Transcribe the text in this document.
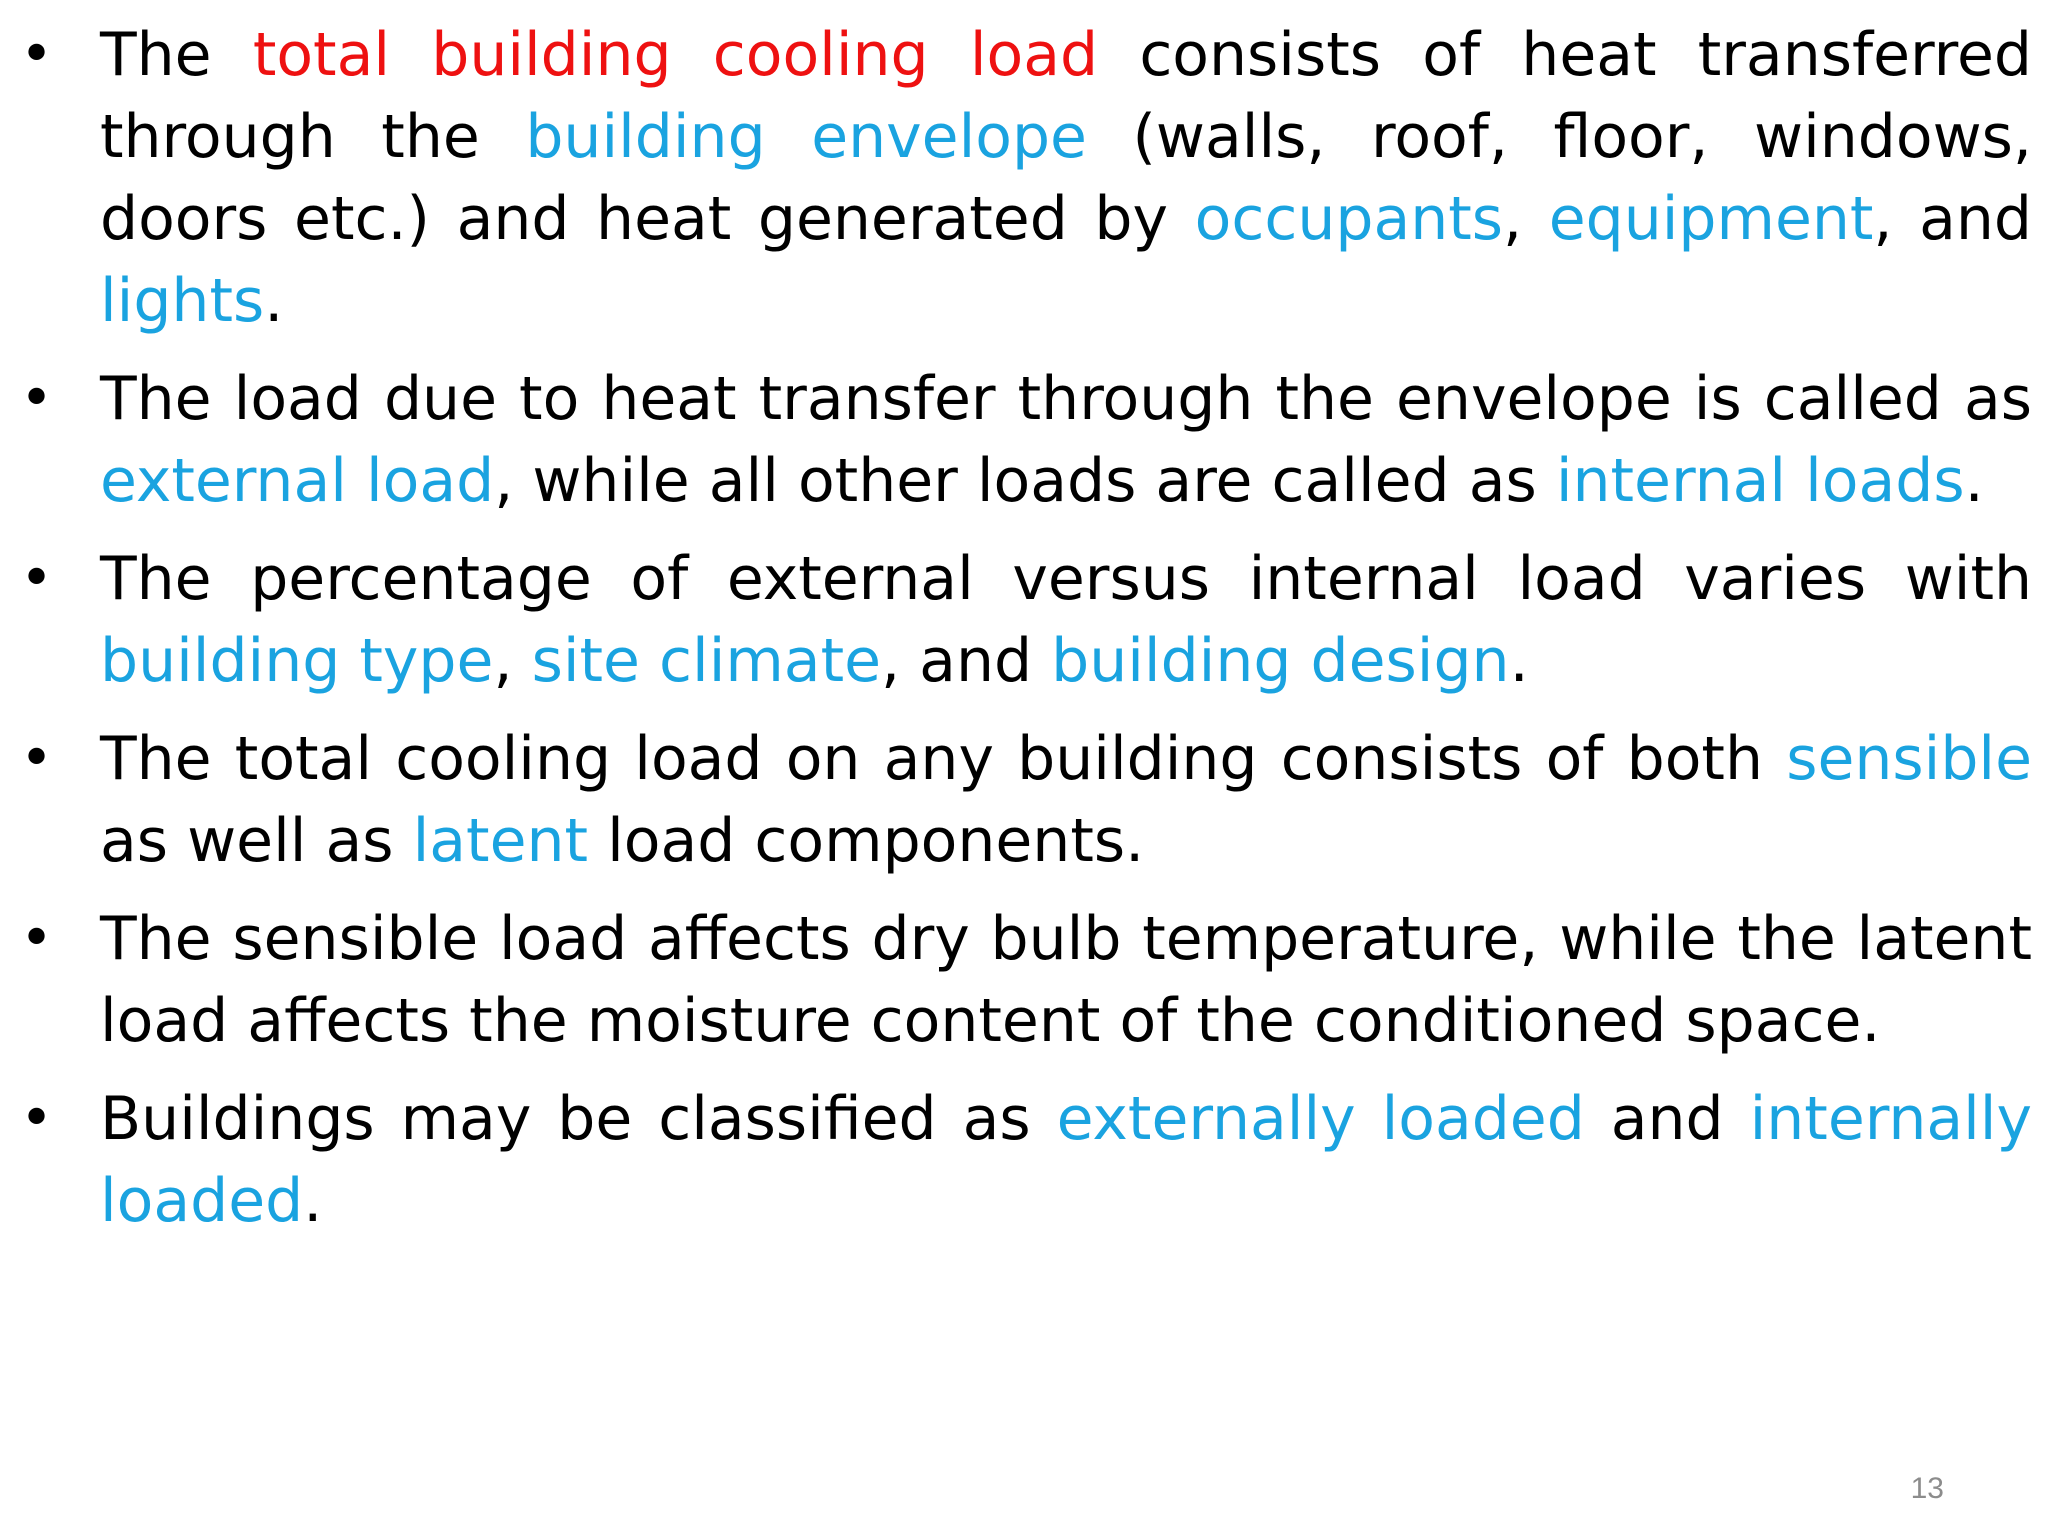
• The total building cooling load consists of heat transferred through the building envelope (walls, roof, floor, windows, doors etc.) and heat generated by occupants, equipment, and lights.
• The load due to heat transfer through the envelope is called as external load, while all other loads are called as internal loads.
• The percentage of external versus internal load varies with building type, site climate, and building design.
• The total cooling load on any building consists of both sensible as well as latent load components.
• The sensible load affects dry bulb temperature, while the latent load affects the moisture content of the conditioned space.
• Buildings may be classified as externally loaded and internally loaded.
13
